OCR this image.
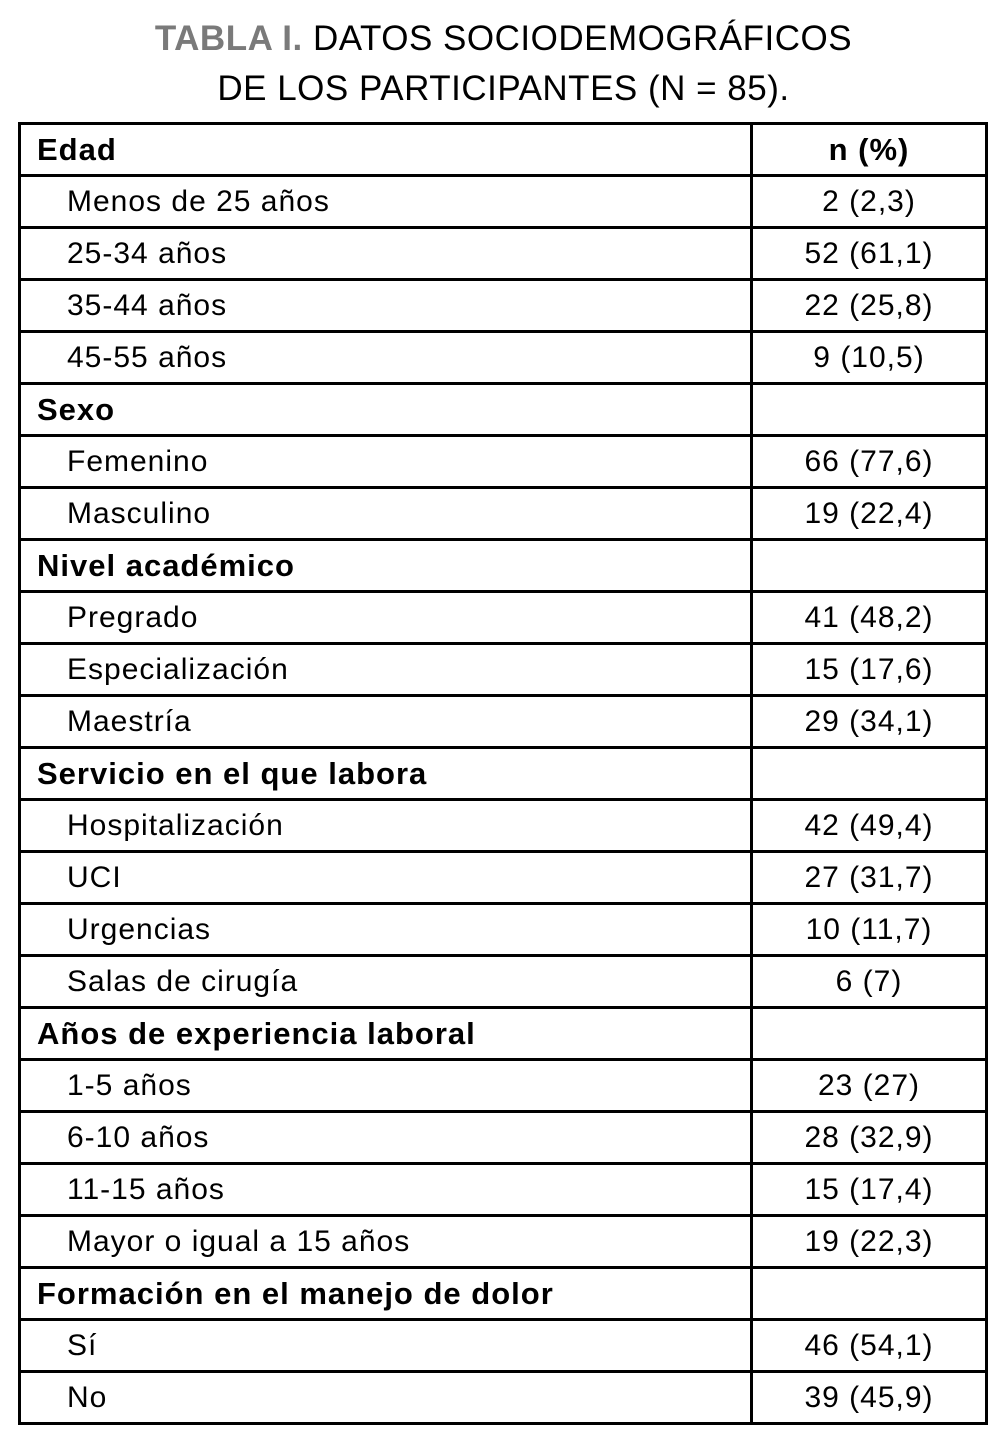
TABLA I. DATOS SOCIODEMOGRÁFICOS
DE LOS PARTICIPANTES (N = 85).
Edad	n (%)
Menos de 25 años	2 (2,3)
25-34 años	52 (61,1)
35-44 años	22 (25,8)
45-55 años	9 (10,5)
Sexo	
Femenino	66 (77,6)
Masculino	19 (22,4)
Nivel académico	
Pregrado	41 (48,2)
Especialización	15 (17,6)
Maestría	29 (34,1)
Servicio en el que labora	
Hospitalización	42 (49,4)
UCI	27 (31,7)
Urgencias	10 (11,7)
Salas de cirugía	6 (7)
Años de experiencia laboral	
1-5 años	23 (27)
6-10 años	28 (32,9)
11-15 años	15 (17,4)
Mayor o igual a 15 años	19 (22,3)
Formación en el manejo de dolor	
Sí	46 (54,1)
No	39 (45,9)
